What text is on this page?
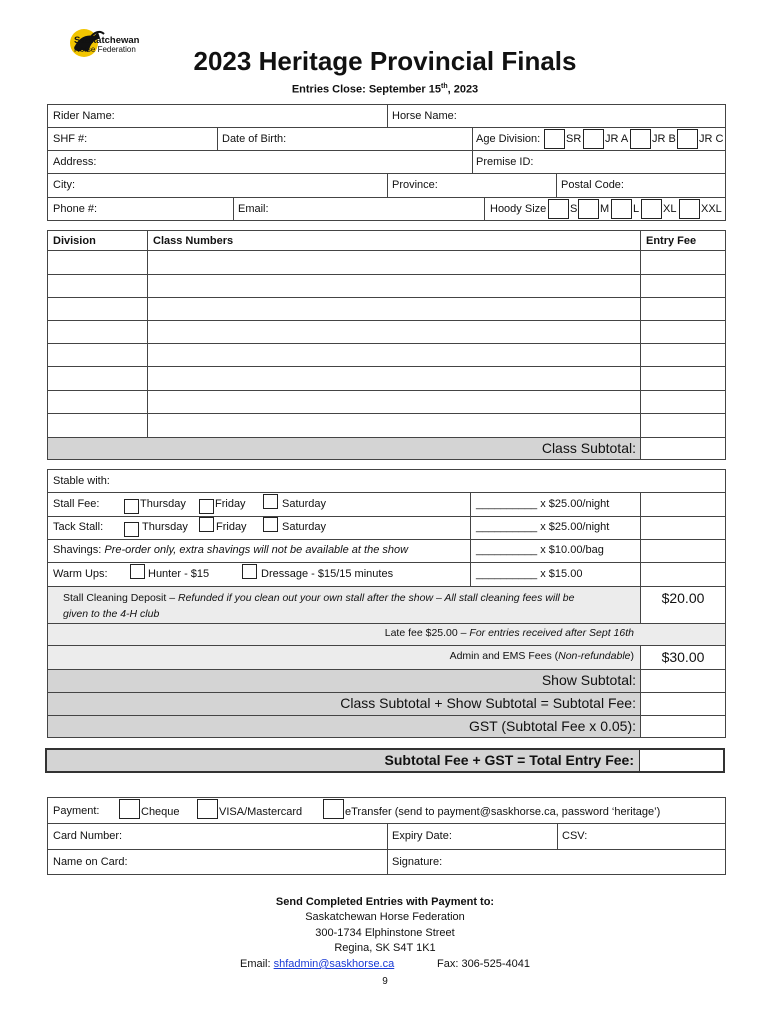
Saskatchewan
Horse Federation	2023 Heritage Provincial Finals
Entries Close: September 15th, 2023
Rider Name:	Horse Name:
SHF #:	Date of Birth:	Age Division: SR JR A JR B JR C
Address:	Premise ID:
City:	Province:	Postal Code:
Phone #:	Email:	Hoody Size S M L XL XXL
Division	Class Numbers	Entry Fee
Class Subtotal:
Stable with:
Stall Fee:	Thursday	Friday	Saturday	__________ x $25.00/night
Tack Stall:	Thursday	Friday	Saturday	__________ x $25.00/night
Shavings: Pre-order only, extra shavings will not be available at the show	__________ x $10.00/bag
Warm Ups:	Hunter - $15	Dressage - $15/15 minutes	__________ x $15.00
Stall Cleaning Deposit – Refunded if you clean out your own stall after the show – All stall cleaning fees will be
given to the 4-H club
$20.00
Late fee $25.00 – For entries received after Sept 16th
Admin and EMS Fees (Non-refundable)	$30.00
Show Subtotal:
Class Subtotal + Show Subtotal = Subtotal Fee:
GST (Subtotal Fee x 0.05):
Subtotal Fee + GST = Total Entry Fee:
Payment:	Cheque	VISA/Mastercard	eTransfer (send to payment@saskhorse.ca, password ‘heritage’)
Card Number:	Expiry Date:	CSV:
Name on Card:	Signature:
Send Completed Entries with Payment to:
Saskatchewan Horse Federation
300-1734 Elphinstone Street
Regina, SK S4T 1K1
Email: shfadmin@saskhorse.ca	Fax: 306-525-4041
9
